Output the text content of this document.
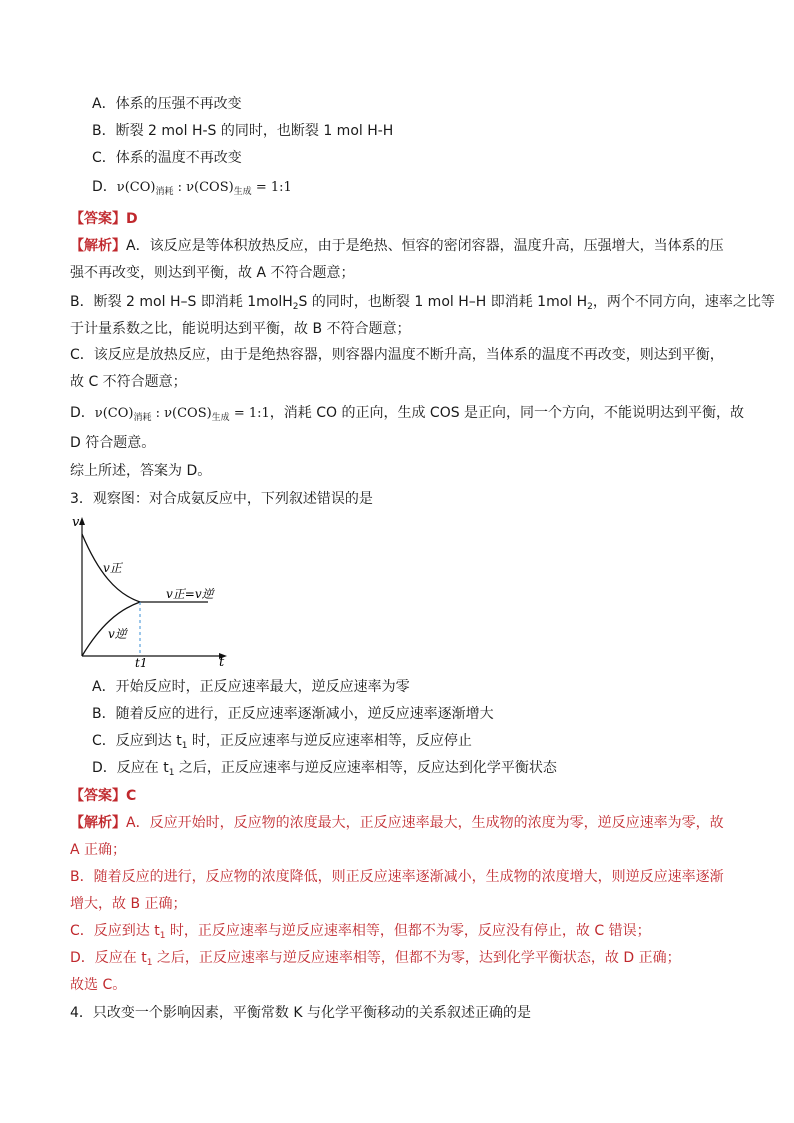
A．体系的压强不再改变
B．断裂 2 mol H-S 的同时，也断裂 1 mol H-H
C．体系的温度不再改变
D．$\nu(CO)_{消耗}$ : $\nu(COS)_{生成}$ = 1:1
【答案】D
【解析】A．该反应是等体积放热反应，由于是绝热、恒容的密闭容器，温度升高，压强增大，当体系的压
强不再改变，则达到平衡，故 A 不符合题意；
B．断裂 2 mol H–S 即消耗 1molH$_2$S 的同时，也断裂 1 mol H–H 即消耗 1mol $H_2$，两个不同方向，速率之比等
于计量系数之比，能说明达到平衡，故 B 不符合题意；
C．该反应是放热反应，由于是绝热容器，则容器内温度不断升高，当体系的温度不再改变，则达到平衡，
故 C 不符合题意；
D．$\nu(CO)_{消耗}$ : $\nu(COS)_{生成}$ = 1:1，消耗 CO 的正向，生成 COS 是正向，同一个方向，不能说明达到平衡，故
D 符合题意。
综上所述，答案为 D。
3．观察图：对合成氨反应中，下列叙述错误的是
v
t
v正
v逆
v正=v逆
t1
A．开始反应时，正反应速率最大，逆反应速率为零
B．随着反应的进行，正反应速率逐渐减小，逆反应速率逐渐增大
C．反应到达 $t_1$ 时，正反应速率与逆反应速率相等，反应停止
D．反应在 $t_1$ 之后，正反应速率与逆反应速率相等，反应达到化学平衡状态
【答案】C
【解析】A．反应开始时，反应物的浓度最大，正反应速率最大，生成物的浓度为零，逆反应速率为零，故
A 正确；
B．随着反应的进行，反应物的浓度降低，则正反应速率逐渐减小，生成物的浓度增大，则逆反应速率逐渐
增大，故 B 正确；
C．反应到达 $t_1$ 时，正反应速率与逆反应速率相等，但都不为零，反应没有停止，故 C 错误；
D．反应在 $t_1$ 之后，正反应速率与逆反应速率相等，但都不为零，达到化学平衡状态，故 D 正确；
故选 C。
4．只改变一个影响因素，平衡常数 K 与化学平衡移动的关系叙述正确的是
